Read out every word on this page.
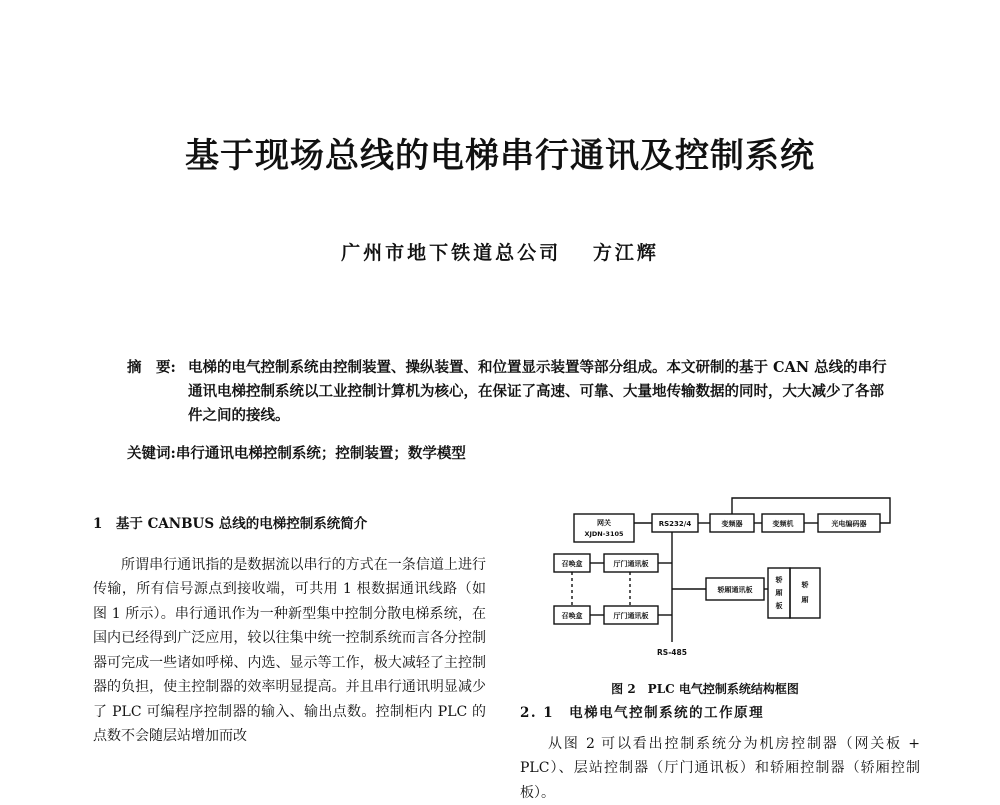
基于现场总线的电梯串行通讯及控制系统
广州市地下铁道总公司 方江辉
摘　要: 电梯的电气控制系统由控制装置、操纵装置、和位置显示装置等部分组成。本文研制的基于 CAN 总线的串行通讯电梯控制系统以工业控制计算机为核心，在保证了高速、可靠、大量地传输数据的同时，大大减少了各部件之间的接线。
关键词:串行通讯电梯控制系统；控制装置；数学模型
1　基于 CANBUS 总线的电梯控制系统简介
所谓串行通讯指的是数据流以串行的方式在一条信道上进行传输，所有信号源点到接收端，可共用 1 根数据通讯线路（如图 1 所示）。串行通讯作为一种新型集中控制分散电梯系统，在国内已经得到广泛应用，较以往集中统一控制系统而言各分控制器可完成一些诸如呼梯、内选、显示等工作，极大减轻了主控制器的负担，使主控制器的效率明显提高。并且串行通讯明显减少了 PLC 可编程序控制器的输入、输出点数。控制柜内 PLC 的点数不会随层站增加而改
网关
XJDN-3105
RS232/4	变频器	变频机	光电编码器
召唤盒
召唤盒
厅门通讯板
厅门通讯板
轿厢通讯板
轿
厢
板
轿
厢
RS-485
图 2　PLC 电气控制系统结构框图
2. 1　电梯电气控制系统的工作原理
从图 2 可以看出控制系统分为机房控制器（网关板 + PLC）、层站控制器（厅门通讯板）和轿厢控制器（轿厢控制板）。
